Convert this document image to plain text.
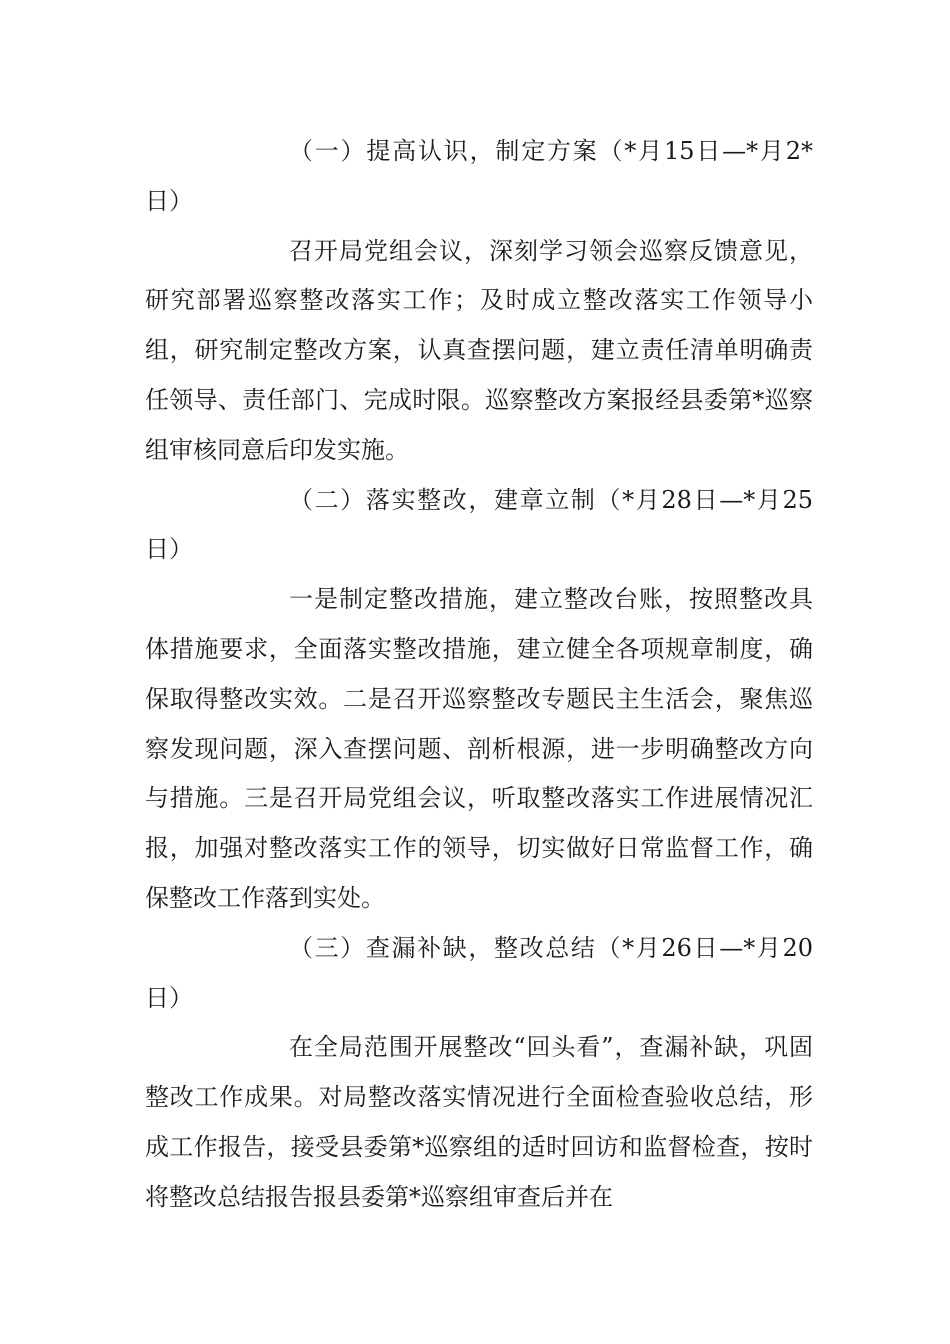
（一）提高认识，制定方案（*月15日—*月2*日）

召开局党组会议，深刻学习领会巡察反馈意见，研究部署巡察整改落实工作；及时成立整改落实工作领导小组，研究制定整改方案，认真查摆问题，建立责任清单明确责任领导、责任部门、完成时限。巡察整改方案报经县委第*巡察组审核同意后印发实施。

（二）落实整改，建章立制（*月28日—*月25日）

一是制定整改措施，建立整改台账，按照整改具体措施要求，全面落实整改措施，建立健全各项规章制度，确保取得整改实效。二是召开巡察整改专题民主生活会，聚焦巡察发现问题，深入查摆问题、剖析根源，进一步明确整改方向与措施。三是召开局党组会议，听取整改落实工作进展情况汇报，加强对整改落实工作的领导，切实做好日常监督工作，确保整改工作落到实处。

（三）查漏补缺，整改总结（*月26日—*月20日）

在全局范围开展整改“回头看”，查漏补缺，巩固整改工作成果。对局整改落实情况进行全面检查验收总结，形成工作报告，接受县委第*巡察组的适时回访和监督检查，按时将整改总结报告报县委第*巡察组审查后并在
